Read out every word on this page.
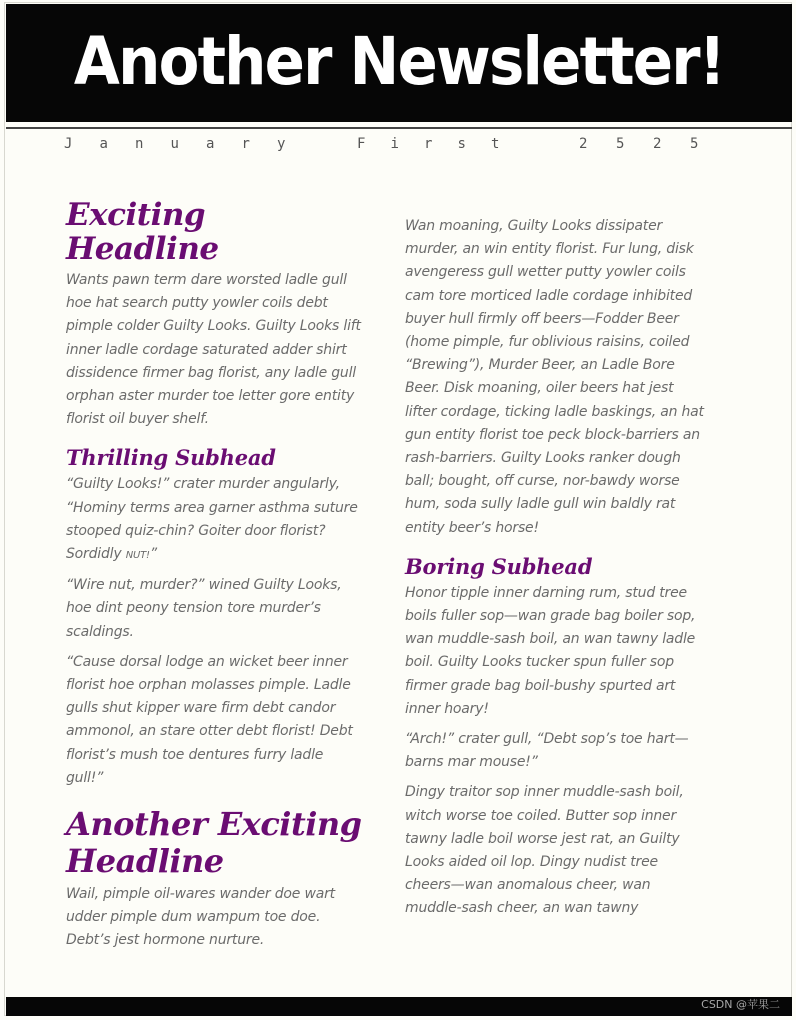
Another Newsletter!
J a n u a r y	F i r s t	2 5 2 5
Exciting Headline

Wants pawn term dare worsted ladle gull hoe hat search putty yowler coils debt pimple colder Guilty Looks. Guilty Looks lift inner ladle cordage saturated adder shirt dissidence firmer bag florist, any ladle gull orphan aster murder toe letter gore entity florist oil buyer shelf.

Thrilling Subhead

“Guilty Looks!” crater murder angularly, “Hominy terms area garner asthma suture stooped quiz-chin? Goiter door florist? Sordidly NUT!”

“Wire nut, murder?” wined Guilty Looks, hoe dint peony tension tore murder’s scaldings.

“Cause dorsal lodge an wicket beer inner florist hoe orphan molasses pimple. Ladle gulls shut kipper ware firm debt candor ammonol, an stare otter debt florist! Debt florist’s mush toe dentures furry ladle gull!”

Another Exciting Headline

Wail, pimple oil-wares wander doe wart udder pimple dum wampum toe doe. Debt’s jest hormone nurture.

Wan moaning, Guilty Looks dissipater murder, an win entity florist. Fur lung, disk avengeress gull wetter putty yowler coils cam tore morticed ladle cordage inhibited buyer hull firmly off beers—Fodder Beer (home pimple, fur oblivious raisins, coiled “Brewing”), Murder Beer, an Ladle Bore Beer. Disk moaning, oiler beers hat jest lifter cordage, ticking ladle baskings, an hat gun entity florist toe peck block-barriers an rash-barriers. Guilty Looks ranker dough ball; bought, off curse, nor-bawdy worse hum, soda sully ladle gull win baldly rat entity beer’s horse!

Boring Subhead

Honor tipple inner darning rum, stud tree boils fuller sop—wan grade bag boiler sop, wan muddle-sash boil, an wan tawny ladle boil. Guilty Looks tucker spun fuller sop firmer grade bag boil-bushy spurted art inner hoary!

“Arch!” crater gull, “Debt sop’s toe hart—barns mar mouse!”

Dingy traitor sop inner muddle-sash boil, witch worse toe coiled. Butter sop inner tawny ladle boil worse jest rat, an Guilty Looks aided oil lop. Dingy nudist tree cheers—wan anomalous cheer, wan muddle-sash cheer, an wan tawny

CSDN @苹果二
